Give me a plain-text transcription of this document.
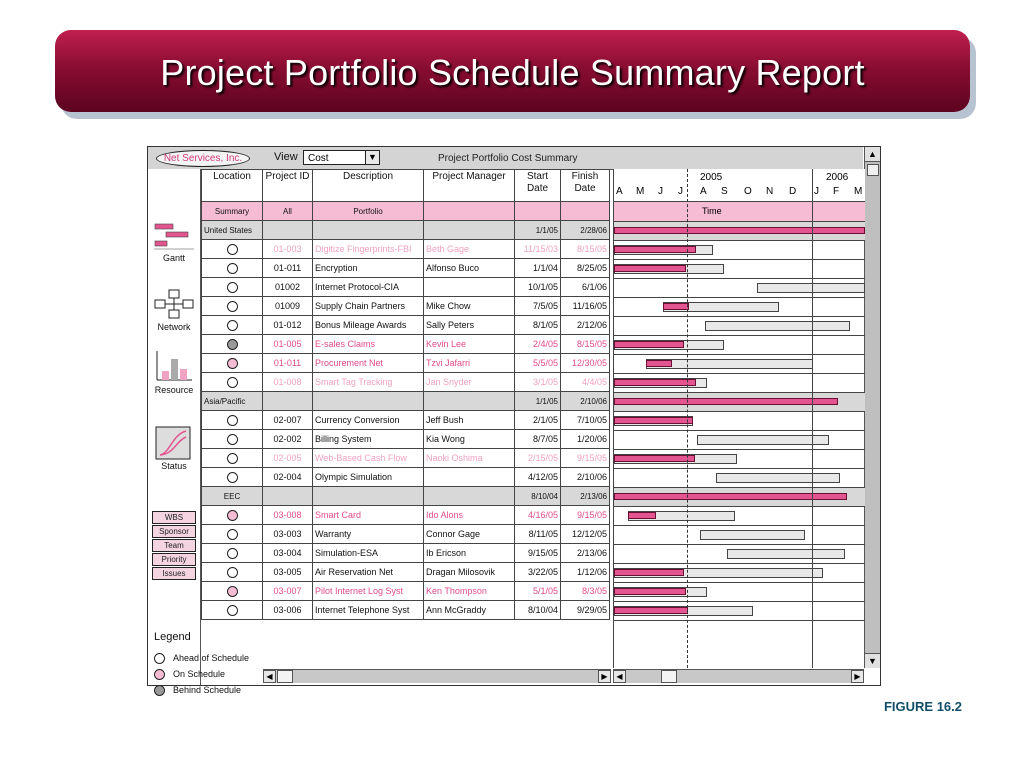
Project Portfolio Schedule Summary Report
Net Services, Inc.	View	Cost	▼	Project Portfolio Cost Summary	▲
▼
Gantt
Network
Resource
Status
WBS
Sponsor
Team
Priority
Issues
Legend
Ahead of Schedule
On Schedule
Behind Schedule
Location	Project ID	Description	Project Manager	Start Date	Finish Date
Summary	All	Portfolio			
United States				1/1/05	2/28/06
	01-003	Digitize Fingerprints-FBI	Beth Gage	11/15/03	8/15/05
	01-011	Encryption	Alfonso Buco	1/1/04	8/25/05
	01002	Internet Protocol-CIA		10/1/05	6/1/06
	01009	Supply Chain Partners	Mike Chow	7/5/05	11/16/05
	01-012	Bonus Mileage Awards	Sally Peters	8/1/05	2/12/06
	01-005	E-sales Claims	Kevin Lee	2/4/05	8/15/05
	01-011	Procurement Net	Tzvi Jafarri	5/5/05	12/30/05
	01-008	Smart Tag Tracking	Jan Snyder	3/1/05	4/4/05
Asia/Pacific				1/1/05	2/10/06
	02-007	Currency Conversion	Jeff Bush	2/1/05	7/10/05
	02-002	Billing System	Kia Wong	8/7/05	1/20/06
	02-005	Web-Based Cash Flow	Naoki Oshima	2/15/05	9/15/05
	02-004	Olympic Simulation		4/12/05	2/10/06
EEC				8/10/04	2/13/06
	03-008	Smart Card	Ido Alons	4/16/05	9/15/05
	03-003	Warranty	Connor Gage	8/11/05	12/12/05
	03-004	Simulation-ESA	Ib Ericson	9/15/05	2/13/06
	03-005	Air Reservation Net	Dragan Milosovik	3/22/05	1/12/06
	03-007	Pilot Internet Log Syst	Ken Thompson	5/1/05	8/3/05
	03-006	Internet Telephone Syst	Ann McGraddy	8/10/04	9/29/05
2005	2006
A M J J A S O N D J F M
Time
◀	▶	◀	▶
FIGURE 16.2
